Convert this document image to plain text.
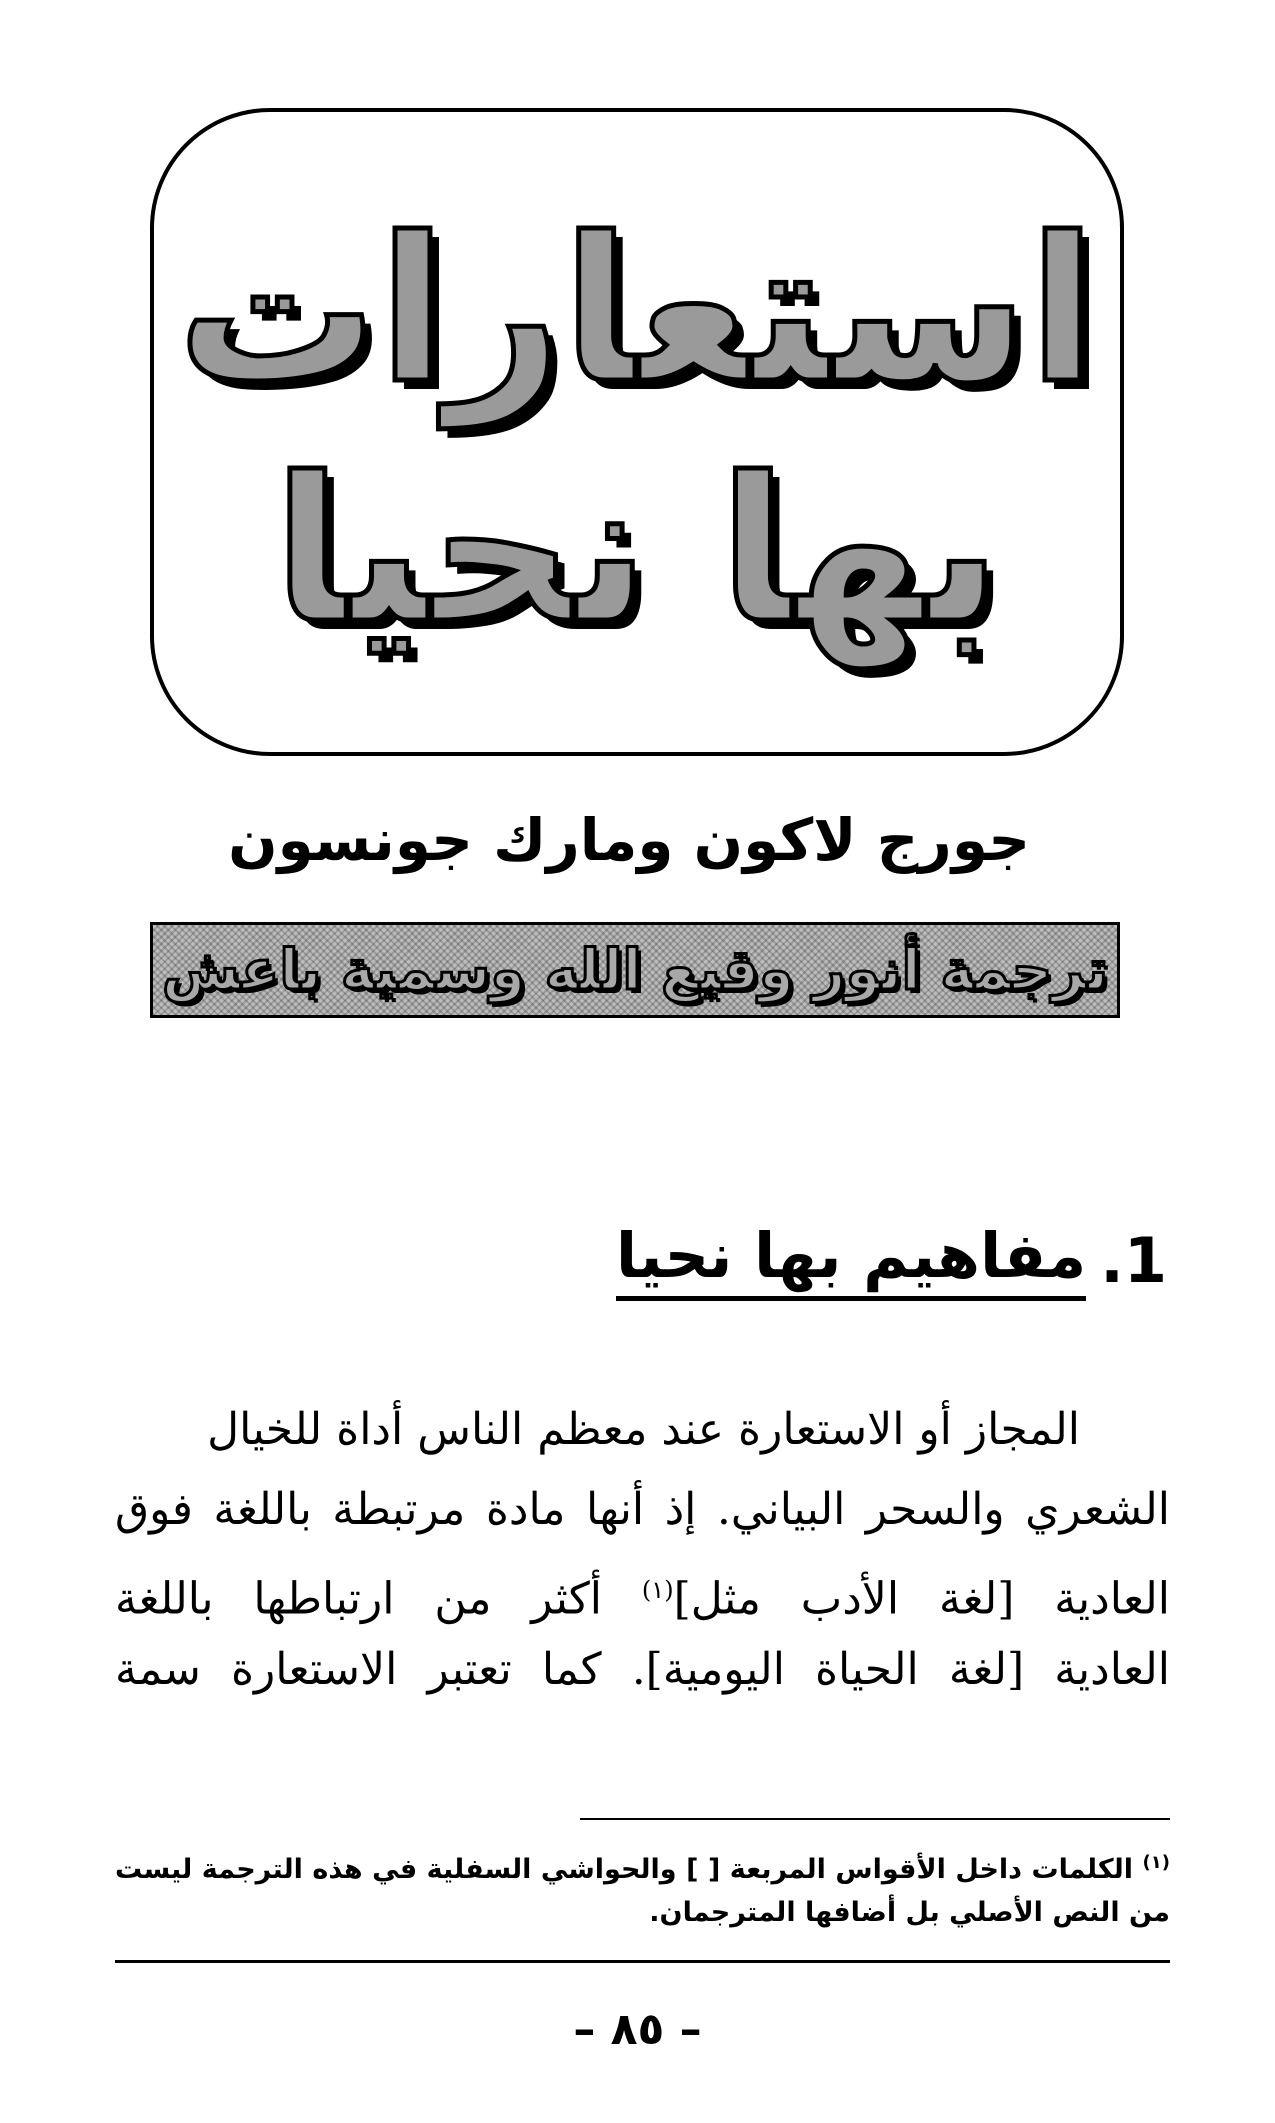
استعارات
بها نحيا
جورج لاكون ومارك جونسون
ترجمة أنور وقيع الله وسمية باعش
1.
مفاهيم بها نحيا
المجاز أو الاستعارة عند معظم الناس أداة للخيال
الشعري والسحر البياني. إذ أنها مادة مرتبطة باللغة فوق
العادية [لغة الأدب مثل]$^{(١)}$ أكثر من ارتباطها باللغة
العادية [لغة الحياة اليومية]. كما تعتبر الاستعارة سمة
$^{(١)}$ الكلمات داخل الأقواس المربعة [ ] والحواشي السفلية في هذه الترجمة ليست
من النص الأصلي بل أضافها المترجمان.
– ٨٥ –
